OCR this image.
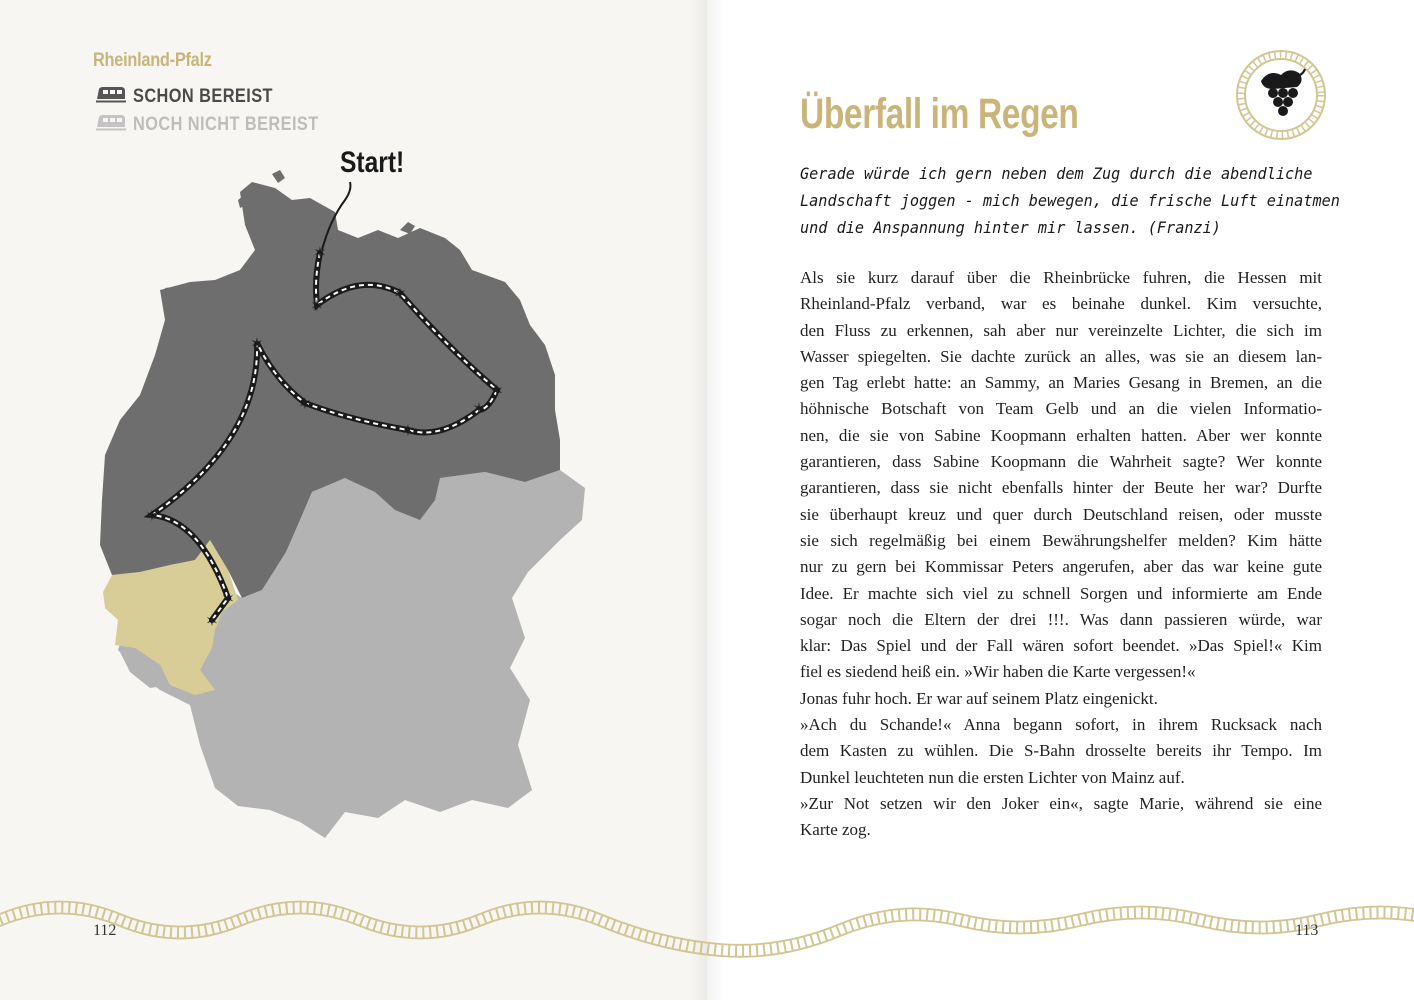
Rheinland-Pfalz
SCHON BEREIST
NOCH NICHT BEREIST
✶
✶
✶
✶
✶
✶
✶
✶
✶
✶
✶
Start!
Überfall im Regen
Gerade würde ich gern neben dem Zug durch die abendliche
Landschaft joggen - mich bewegen, die frische Luft einatmen
und die Anspannung hinter mir lassen. (Franzi)
Als sie kurz darauf über die Rheinbrücke fuhren, die Hessen mit
Rheinland-Pfalz verband, war es beinahe dunkel. Kim versuchte,
den Fluss zu erkennen, sah aber nur vereinzelte Lichter, die sich im
Wasser spiegelten. Sie dachte zurück an alles, was sie an diesem lan-
gen Tag erlebt hatte: an Sammy, an Maries Gesang in Bremen, an die
höhnische Botschaft von Team Gelb und an die vielen Informatio-
nen, die sie von Sabine Koopmann erhalten hatten. Aber wer konnte
garantieren, dass Sabine Koopmann die Wahrheit sagte? Wer konnte
garantieren, dass sie nicht ebenfalls hinter der Beute her war? Durfte
sie überhaupt kreuz und quer durch Deutschland reisen, oder musste
sie sich regelmäßig bei einem Bewährungshelfer melden? Kim hätte
nur zu gern bei Kommissar Peters angerufen, aber das war keine gute
Idee. Er machte sich viel zu schnell Sorgen und informierte am Ende
sogar noch die Eltern der drei !!!. Was dann passieren würde, war
klar: Das Spiel und der Fall wären sofort beendet. »Das Spiel!« Kim
fiel es siedend heiß ein. »Wir haben die Karte vergessen!«
Jonas fuhr hoch. Er war auf seinem Platz eingenickt.
»Ach du Schande!« Anna begann sofort, in ihrem Rucksack nach
dem Kasten zu wühlen. Die S-Bahn drosselte bereits ihr Tempo. Im
Dunkel leuchteten nun die ersten Lichter von Mainz auf.
»Zur Not setzen wir den Joker ein«, sagte Marie, während sie eine
Karte zog.
112	113
